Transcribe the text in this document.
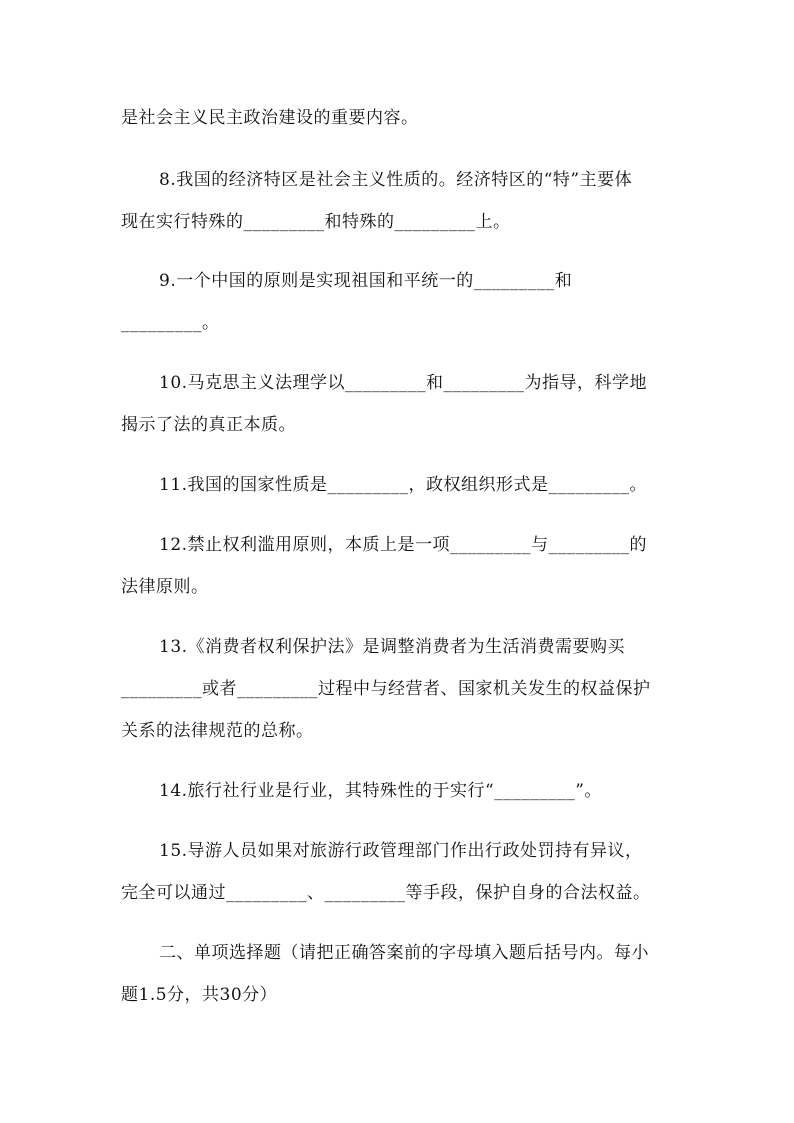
是社会主义民主政治建设的重要内容。
8.我国的经济特区是社会主义性质的。经济特区的“特”主要体
现在实行特殊的_________和特殊的_________上。
9.一个中国的原则是实现祖国和平统一的_________和
_________。
10.马克思主义法理学以_________和_________为指导，科学地
揭示了法的真正本质。
11.我国的国家性质是_________，政权组织形式是_________。
12.禁止权利滥用原则，本质上是一项_________与_________的
法律原则。
13.《消费者权利保护法》是调整消费者为生活消费需要购买
_________或者_________过程中与经营者、国家机关发生的权益保护
关系的法律规范的总称。
14.旅行社行业是行业，其特殊性的于实行“_________”。
15.导游人员如果对旅游行政管理部门作出行政处罚持有异议，
完全可以通过_________、_________等手段，保护自身的合法权益。
二、单项选择题（请把正确答案前的字母填入题后括号内。每小
题1.5分，共30分）
